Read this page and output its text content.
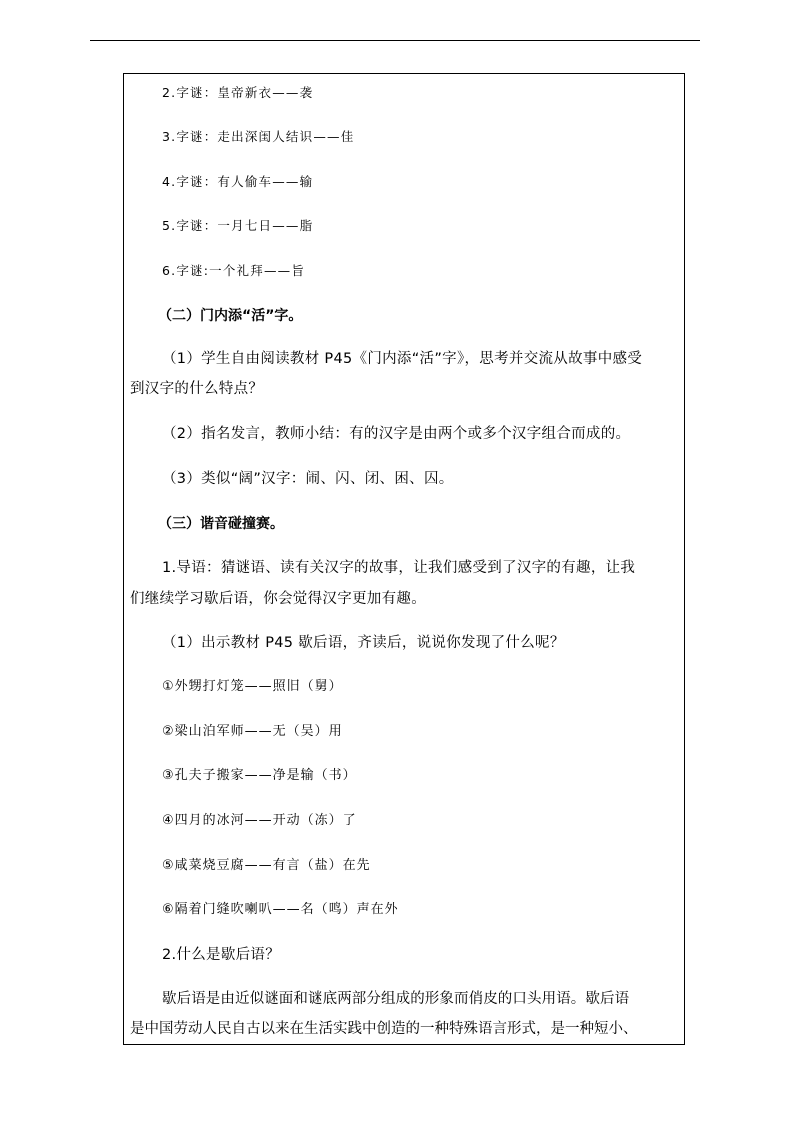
2.字谜：皇帝新衣——袭
3.字谜：走出深闺人结识——佳
4.字谜：有人偷车——输
5.字谜：一月七日——脂
6.字谜:一个礼拜——旨
（二）门内添“活”字。
（1）学生自由阅读教材 P45《门内添“活”字》，思考并交流从故事中感受
到汉字的什么特点？
（2）指名发言，教师小结：有的汉字是由两个或多个汉字组合而成的。
（3）类似“阔”汉字：闹、闪、闭、困、囚。
（三）谐音碰撞赛。
1.导语：猜谜语、读有关汉字的故事，让我们感受到了汉字的有趣，让我
们继续学习歇后语，你会觉得汉字更加有趣。
（1）出示教材 P45 歇后语，齐读后，说说你发现了什么呢？
①外甥打灯笼——照旧（舅）
②梁山泊军师——无（吴）用
③孔夫子搬家——净是输（书）
④四月的冰河——开动（冻）了
⑤咸菜烧豆腐——有言（盐）在先
⑥隔着门缝吹喇叭——名（鸣）声在外
2.什么是歇后语？
歇后语是由近似谜面和谜底两部分组成的形象而俏皮的口头用语。歇后语
是中国劳动人民自古以来在生活实践中创造的一种特殊语言形式，是一种短小、
